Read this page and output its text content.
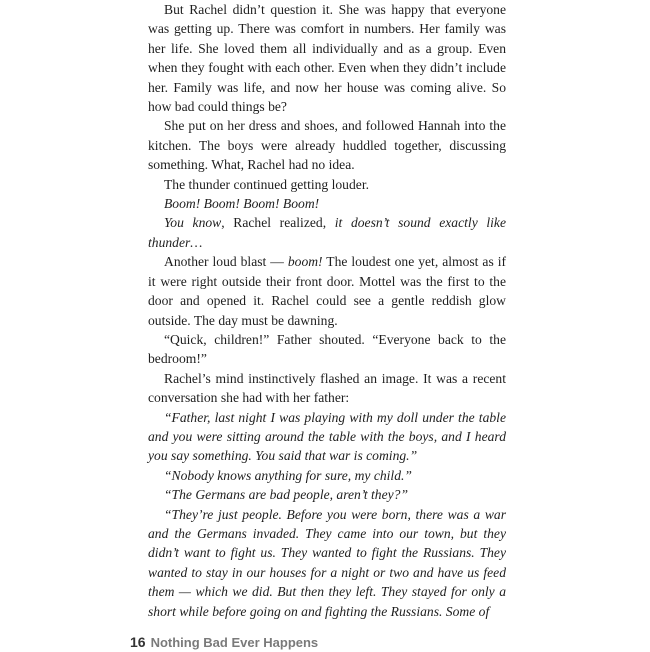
But Rachel didn’t question it. She was happy that everyone was getting up. There was comfort in numbers. Her family was her life. She loved them all individually and as a group. Even when they fought with each other. Even when they didn’t include her. Family was life, and now her house was coming alive. So how bad could things be?

She put on her dress and shoes, and followed Hannah into the kitchen. The boys were already huddled together, discussing something. What, Rachel had no idea.

The thunder continued getting louder.

Boom! Boom! Boom! Boom!

You know, Rachel realized, it doesn’t sound exactly like thunder…

Another loud blast — boom! The loudest one yet, almost as if it were right outside their front door. Mottel was the first to the door and opened it. Rachel could see a gentle reddish glow outside. The day must be dawning.

“Quick, children!” Father shouted. “Everyone back to the bedroom!”

Rachel’s mind instinctively flashed an image. It was a recent conversation she had with her father:

“Father, last night I was playing with my doll under the table and you were sitting around the table with the boys, and I heard you say something. You said that war is coming.”

“Nobody knows anything for sure, my child.”

“The Germans are bad people, aren’t they?”

“They’re just people. Before you were born, there was a war and the Germans invaded. They came into our town, but they didn’t want to fight us. They wanted to fight the Russians. They wanted to stay in our houses for a night or two and have us feed them — which we did. But then they left. They stayed for only a short while before going on and fighting the Russians. Some of

16 Nothing Bad Ever Happens
